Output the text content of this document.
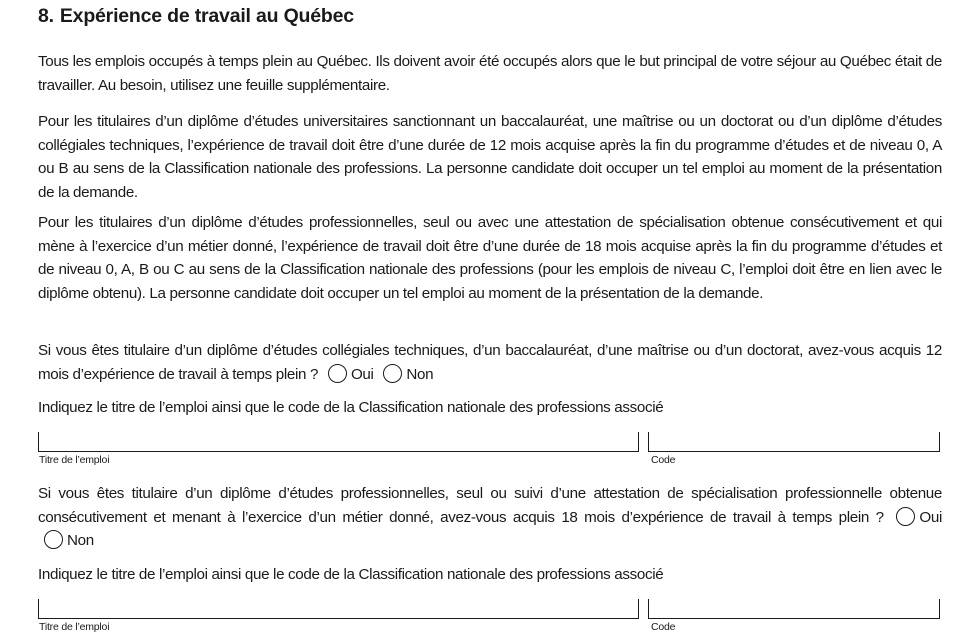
8. Expérience de travail au Québec

Tous les emplois occupés à temps plein au Québec. Ils doivent avoir été occupés alors que le but principal de votre séjour au Québec était de travailler. Au besoin, utilisez une feuille supplémentaire.

Pour les titulaires d’un diplôme d’études universitaires sanctionnant un baccalauréat, une maîtrise ou un doctorat ou d’un diplôme d’études collégiales techniques, l’expérience de travail doit être d’une durée de 12 mois acquise après la fin du programme d’études et de niveau 0, A ou B au sens de la Classification nationale des professions. La personne candidate doit occuper un tel emploi au moment de la présentation de la demande.

Pour les titulaires d’un diplôme d’études professionnelles, seul ou avec une attestation de spécialisation obtenue consécutivement et qui mène à l’exercice d’un métier donné, l’expérience de travail doit être d’une durée de 18 mois acquise après la fin du programme d’études et de niveau 0, A, B ou C au sens de la Classification nationale des professions (pour les emplois de niveau C, l’emploi doit être en lien avec le diplôme obtenu). La personne candidate doit occuper un tel emploi au moment de la présentation de la demande.

Si vous êtes titulaire d’un diplôme d’études collégiales techniques, d’un baccalauréat, d’une maîtrise ou d’un doctorat, avez-vous acquis 12 mois d’expérience de travail à temps plein ? Oui Non

Indiquez le titre de l’emploi ainsi que le code de la Classification nationale des professions associé

Titre de l’emploi	Code

Si vous êtes titulaire d’un diplôme d’études professionnelles, seul ou suivi d’une attestation de spécialisation professionnelle obtenue consécutivement et menant à l’exercice d’un métier donné, avez-vous acquis 18 mois d’expérience de travail à temps plein ? Oui Non

Indiquez le titre de l’emploi ainsi que le code de la Classification nationale des professions associé

Titre de l’emploi	Code
